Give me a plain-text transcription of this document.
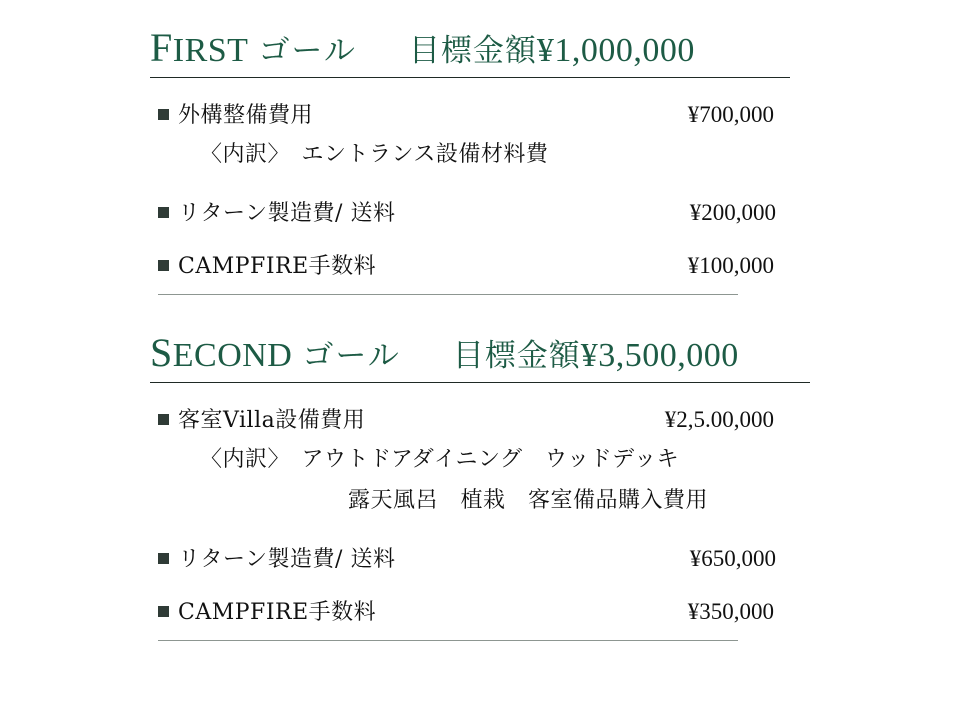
FIRST ゴール 目標金額 ¥1,000,000
外構整備費用	¥700,000
〈内訳〉　エントランス設備材料費
リターン製造費/ 送料	¥200,000
CAMPFIRE手数料	¥100,000
SECOND ゴール 目標金額 ¥3,500,000
客室Villa設備費用	¥2,5.00,000
〈内訳〉　アウトドアダイニング　ウッドデッキ
露天風呂　植栽　客室備品購入費用
リターン製造費/ 送料	¥650,000
CAMPFIRE手数料	¥350,000
